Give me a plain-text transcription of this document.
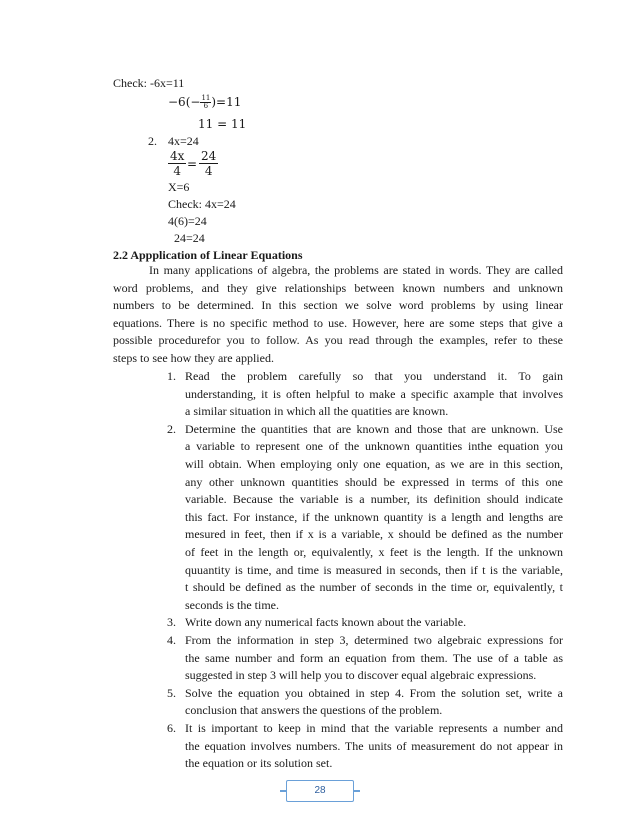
Check: -6x=11
$-6(- \frac{11}{6} )=11$
11 = 11
2. 4x=24
$\frac{4x}{4} = \frac{24}{4}$
X=6
Check: 4x=24
4(6)=24
24=24
2.2 Appplication of Linear Equations
In many applications of algebra, the problems are stated in words. They are called
word problems, and they give relationships between known numbers and unknown
numbers to be determined. In this section we solve word problems by using linear
equations. There is no specific method to use. However, here are some steps that give a
possible procedurefor you to follow. As you read through the examples, refer to these
steps to see how they are applied.
1. Read the problem carefully so that you understand it. To gain
understanding, it is often helpful to make a specific axample that involves
a similar situation in which all the quatities are known.
2. Determine the quantities that are known and those that are unknown. Use
a variable to represent one of the unknown quantities inthe equation you
will obtain. When employing only one equation, as we are in this section,
any other unknown quantities should be expressed in terms of this one
variable. Because the variable is a number, its definition should indicate
this fact. For instance, if the unknown quantity is a length and lengths are
mesured in feet, then if x is a variable, x should be defined as the number
of feet in the length or, equivalently, x feet is the length. If the unknown
quuantity is time, and time is measured in seconds, then if t is the variable,
t should be defined as the number of seconds in the time or, equivalently, t
seconds is the time.
3. Write down any numerical facts known about the variable.
4. From the information in step 3, determined two algebraic expressions for
the same number and form an equation from them. The use of a table as
suggested in step 3 will help you to discover equal algebraic expressions.
5. Solve the equation you obtained in step 4. From the solution set, write a
conclusion that answers the questions of the problem.
6. It is important to keep in mind that the variable represents a number and
the equation involves numbers. The units of measurement do not appear in
the equation or its solution set.
28
